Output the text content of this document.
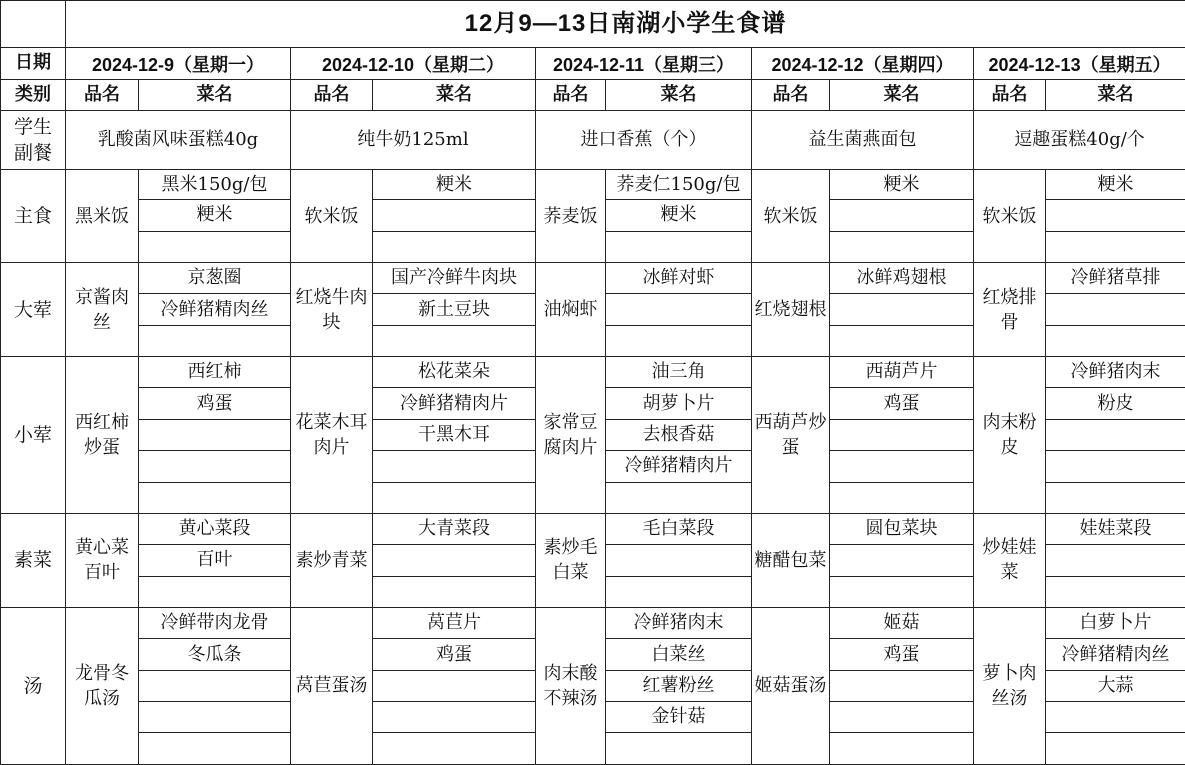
	12月9—13日南湖小学生食谱									
日期	2024-12-9（星期一）		2024-12-10（星期二）		2024-12-11（星期三）		2024-12-12（星期四）		2024-12-13（星期五）	

类别	品名	菜名	品名	菜名	品名	菜名	品名	菜名	品名	菜名
学生副餐	乳酸菌风味蛋糕40g		纯牛奶125ml		进口香蕉（个）		益生菌燕面包		逗趣蛋糕40g/个	
主食	黑米饭	黑米150g/包	软米饭	粳米	荞麦饭	荞麦仁150g/包	软米饭	粳米	软米饭	粳米
		粳米				粳米				

大荤	京酱肉丝	京葱圈	红烧牛肉块	国产冷鲜牛肉块	油焖虾	冰鲜对虾	红烧翅根	冰鲜鸡翅根	红烧排骨	冷鲜猪草排
		冷鲜猪精肉丝		新土豆块						

小荤	西红柿炒蛋	西红柿	花菜木耳肉片	松花菜朵	家常豆腐肉片	油三角	西葫芦炒蛋	西葫芦片	肉末粉皮	冷鲜猪肉末
		鸡蛋		冷鲜猪精肉片		胡萝卜片		鸡蛋		粉皮
				干黑木耳		去根香菇				
						冷鲜猪精肉片				

素菜	黄心菜百叶	黄心菜段	素炒青菜	大青菜段	素炒毛白菜	毛白菜段	糖醋包菜	圆包菜块	炒娃娃菜	娃娃菜段
		百叶								

汤	龙骨冬瓜汤	冷鲜带肉龙骨	莴苣蛋汤	莴苣片	肉末酸不辣汤	冷鲜猪肉末	姬菇蛋汤	姬菇	萝卜肉丝汤	白萝卜片
		冬瓜条		鸡蛋		白菜丝		鸡蛋		冷鲜猪精肉丝
						红薯粉丝				大蒜
						金针菇				
